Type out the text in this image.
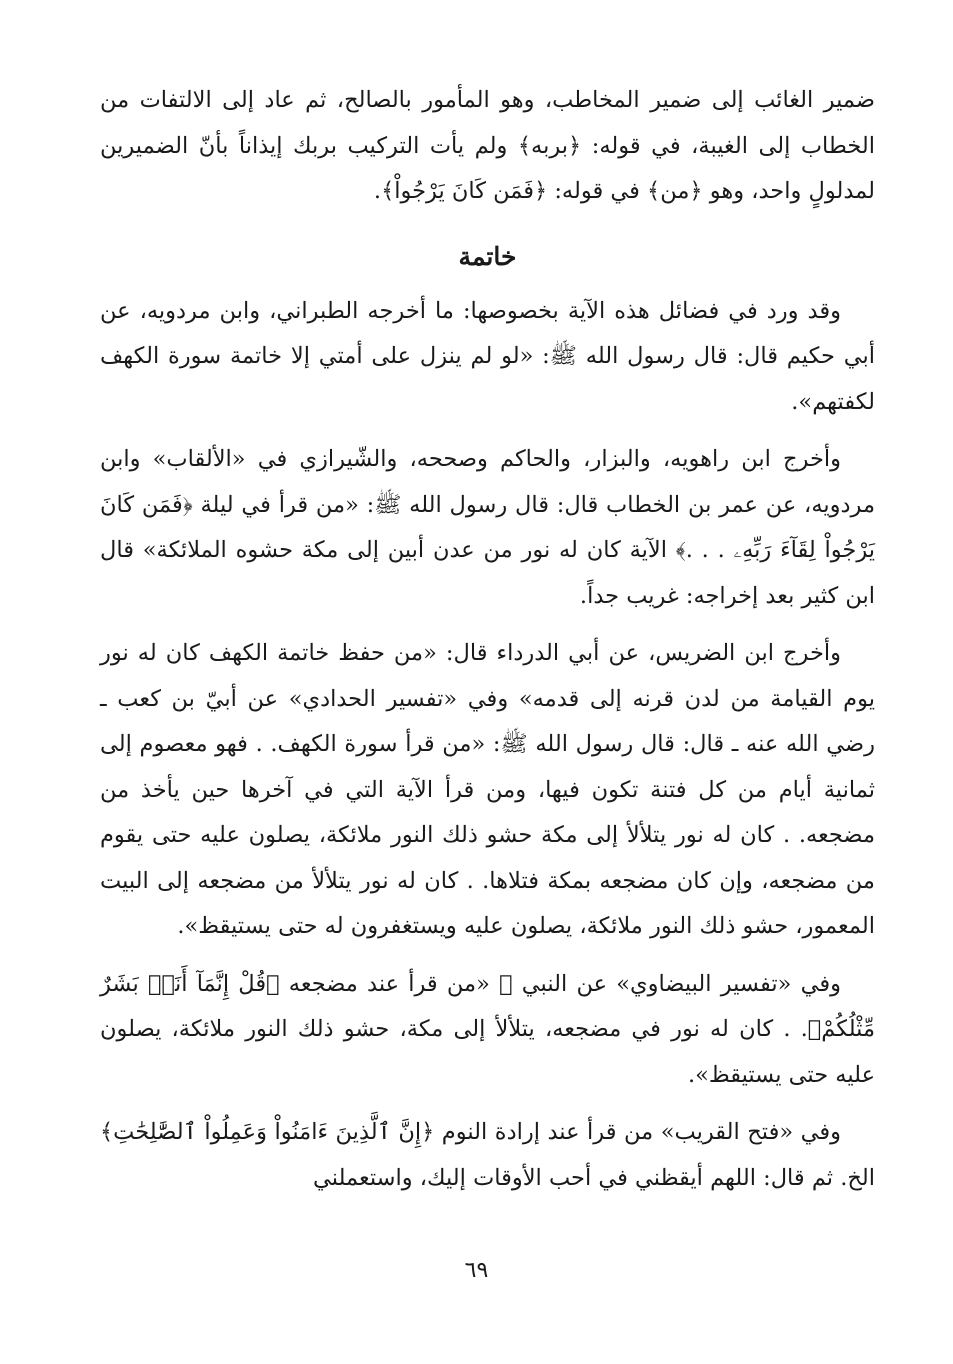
ضمير الغائب إلى ضمير المخاطب، وهو المأمور بالصالح، ثم عاد إلى الالتفات من الخطاب إلى الغيبة، في قوله: ﴿بربه﴾ ولم يأت التركيب بربك إيذاناً بأنّ الضميرين لمدلولٍ واحد، وهو ﴿من﴾ في قوله: ﴿فَمَن كَانَ يَرْجُواْ﴾.

خاتمة

وقد ورد في فضائل هذه الآية بخصوصها: ما أخرجه الطبراني، وابن مردويه، عن أبي حكيم قال: قال رسول الله ﷺ: «لو لم ينزل على أمتي إلا خاتمة سورة الكهف لكفتهم».

وأخرج ابن راهويه، والبزار، والحاكم وصححه، والشّيرازي في «الألقاب» وابن مردويه، عن عمر بن الخطاب قال: قال رسول الله ﷺ: «من قرأ في ليلة ﴿فَمَن كَانَ يَرْجُواْ لِقَآءَ رَبِّهِۦ . . .﴾ الآية كان له نور من عدن أبين إلى مكة حشوه الملائكة» قال ابن كثير بعد إخراجه: غريب جداً.

وأخرج ابن الضريس، عن أبي الدرداء قال: «من حفظ خاتمة الكهف كان له نور يوم القيامة من لدن قرنه إلى قدمه» وفي «تفسير الحدادي» عن أبيّ بن كعب ـ رضي الله عنه ـ قال: قال رسول الله ﷺ: «من قرأ سورة الكهف. . فهو معصوم إلى ثمانية أيام من كل فتنة تكون فيها، ومن قرأ الآية التي في آخرها حين يأخذ من مضجعه. . كان له نور يتلألأ إلى مكة حشو ذلك النور ملائكة، يصلون عليه حتى يقوم من مضجعه، وإن كان مضجعه بمكة فتلاها. . كان له نور يتلألأ من مضجعه إلى البيت المعمور، حشو ذلك النور ملائكة، يصلون عليه ويستغفرون له حتى يستيقظ».

وفي «تفسير البيضاوي» عن النبي ﷺ «من قرأ عند مضجعه ﴿قُلْ إِنَّمَآ أَنَا۠ بَشَرٌ مِّثْلُكُمْ﴾. . كان له نور في مضجعه، يتلألأ إلى مكة، حشو ذلك النور ملائكة، يصلون عليه حتى يستيقظ».

وفي «فتح القريب» من قرأ عند إرادة النوم ﴿إِنَّ ٱلَّذِينَ ءَامَنُواْ وَعَمِلُواْ ٱلصَّٰلِحَٰتِ﴾ الخ. ثم قال: اللهم أيقظني في أحب الأوقات إليك، واستعملني

٦٩
